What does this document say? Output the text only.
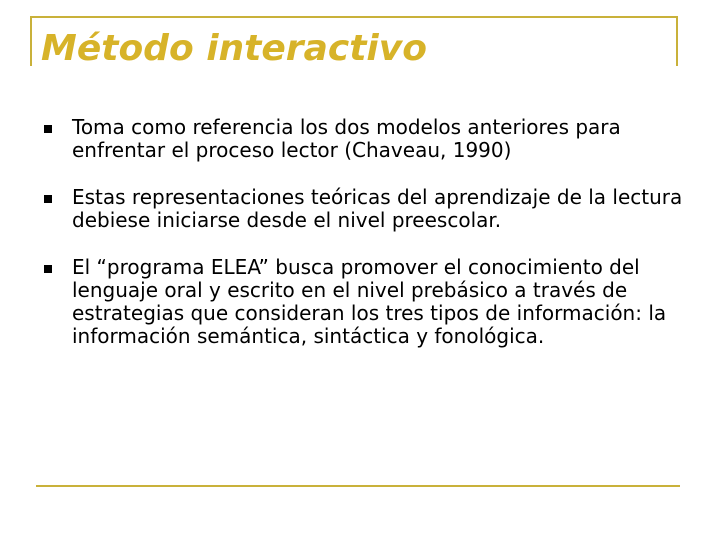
Método interactivo
Toma como referencia los dos modelos anteriores para enfrentar el proceso lector (Chaveau, 1990)
Estas representaciones teóricas del aprendizaje de la lectura debiese iniciarse desde el nivel preescolar.
El “programa ELEA” busca promover el conocimiento del lenguaje oral y escrito en el nivel prebásico a través de estrategias que consideran los tres tipos de información: la información semántica, sintáctica y fonológica.
